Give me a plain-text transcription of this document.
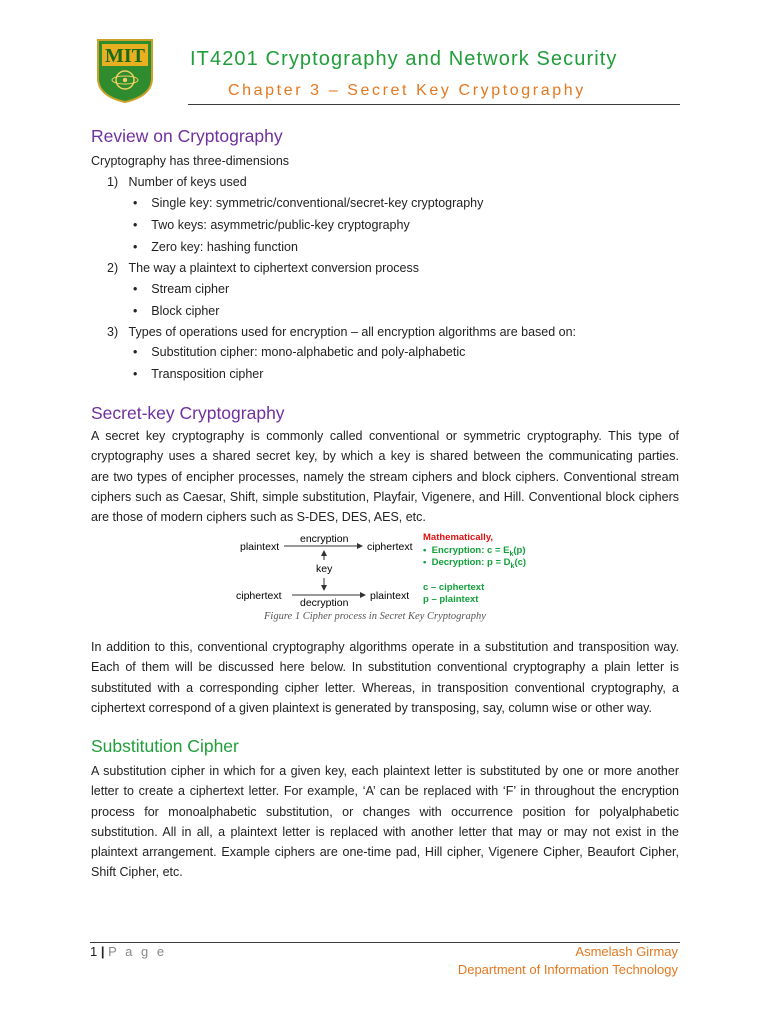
MIT IT4201 Cryptography and Network Security
Chapter 3 – Secret Key Cryptography
Review on Cryptography
Cryptography has three-dimensions
1) Number of keys used
• Single key: symmetric/conventional/secret-key cryptography
• Two keys: asymmetric/public-key cryptography
• Zero key: hashing function
2) The way a plaintext to ciphertext conversion process
• Stream cipher
• Block cipher
3) Types of operations used for encryption – all encryption algorithms are based on:
• Substitution cipher: mono-alphabetic and poly-alphabetic
• Transposition cipher
Secret-key Cryptography
A secret key cryptography is commonly called conventional or symmetric cryptography. This type of
cryptography uses a shared secret key, by which a key is shared between the communicating parties.
are two types of encipher processes, namely the stream ciphers and block ciphers. Conventional stream
ciphers such as Caesar, Shift, simple substitution, Playfair, Vigenere, and Hill. Conventional block ciphers
are those of modern ciphers such as S-DES, DES, AES, etc.
plaintext
encryption
ciphertext
key
ciphertext
decryption
plaintext
Mathematically,
•  Encryption: $c = E_k(p)$
•  Decryption: $p = D_k(c)$
c – ciphertext
p – plaintext
Figure 1 Cipher process in Secret Key Cryptography
In addition to this, conventional cryptography algorithms operate in a substitution and transposition way.
Each of them will be discussed here below. In substitution conventional cryptography a plain letter is
substituted with a corresponding cipher letter. Whereas, in transposition conventional cryptography, a
ciphertext correspond of a given plaintext is generated by transposing, say, column wise or other way.
Substitution Cipher
A substitution cipher in which for a given key, each plaintext letter is substituted by one or more another
letter to create a ciphertext letter. For example, ‘A’ can be replaced with ‘F’ in throughout the encryption
process for monoalphabetic substitution, or changes with occurrence position for polyalphabetic
substitution. All in all, a plaintext letter is replaced with another letter that may or may not exist in the
plaintext arrangement. Example ciphers are one-time pad, Hill cipher, Vigenere Cipher, Beaufort Cipher,
Shift Cipher, etc.
1 | P a g e	Asmelash Girmay
Department of Information Technology
